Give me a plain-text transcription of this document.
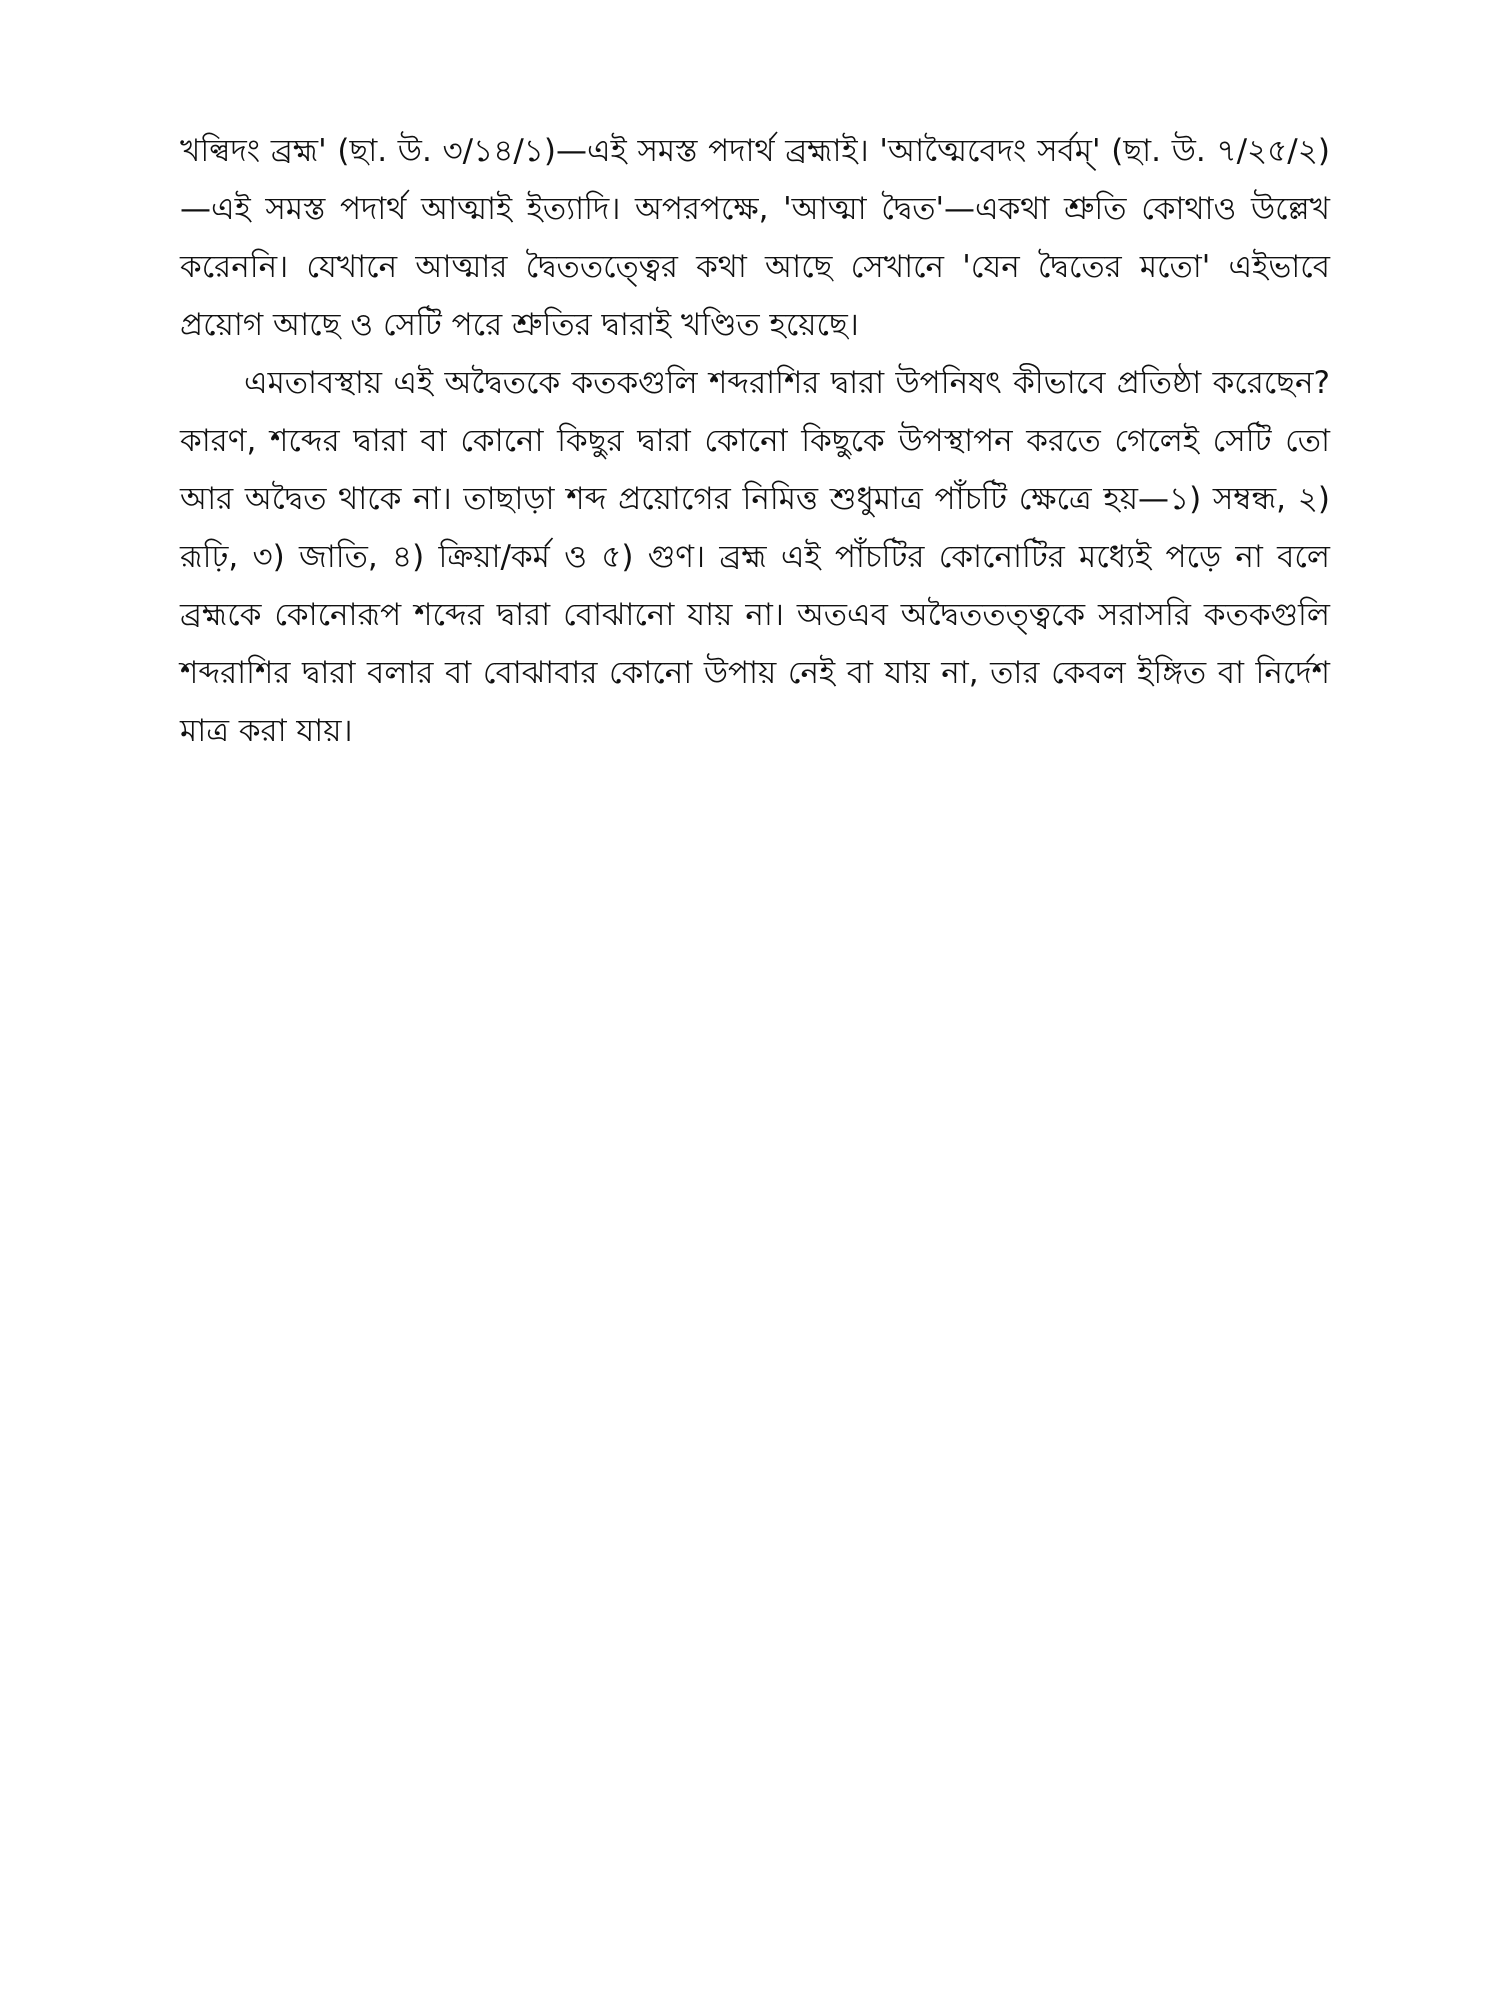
খল্বিদং ব্রহ্ম' (ছা. উ. ৩/১৪/১)—এই সমস্ত পদার্থ ব্রহ্মাই। 'আত্মৈবেদং সর্বম্' (ছা. উ. ৭/২৫/২)—এই সমস্ত পদার্থ আত্মাই ইত্যাদি। অপরপক্ষে, 'আত্মা দ্বৈত'—একথা শ্রুতি কোথাও উল্লেখ করেননি। যেখানে আত্মার দ্বৈততত্ত্বের কথা আছে সেখানে 'যেন দ্বৈতের মতো' এইভাবে প্রয়োগ আছে ও সেটি পরে শ্রুতির দ্বারাই খণ্ডিত হয়েছে।

এমতাবস্থায় এই অদ্বৈতকে কতকগুলি শব্দরাশির দ্বারা উপনিষৎ কীভাবে প্রতিষ্ঠা করেছেন? কারণ, শব্দের দ্বারা বা কোনো কিছুর দ্বারা কোনো কিছুকে উপস্থাপন করতে গেলেই সেটি তো আর অদ্বৈত থাকে না। তাছাড়া শব্দ প্রয়োগের নিমিত্ত শুধুমাত্র পাঁচটি ক্ষেত্রে হয়—১) সম্বন্ধ, ২) রূঢ়ি, ৩) জাতি, ৪) ক্রিয়া/কর্ম ও ৫) গুণ। ব্রহ্ম এই পাঁচটির কোনোটির মধ্যেই পড়ে না বলে ব্রহ্মকে কোনোরূপ শব্দের দ্বারা বোঝানো যায় না। অতএব অদ্বৈততত্ত্বকে সরাসরি কতকগুলি শব্দরাশির দ্বারা বলার বা বোঝাবার কোনো উপায় নেই বা যায় না, তার কেবল ইঙ্গিত বা নির্দেশ মাত্র করা যায়।
